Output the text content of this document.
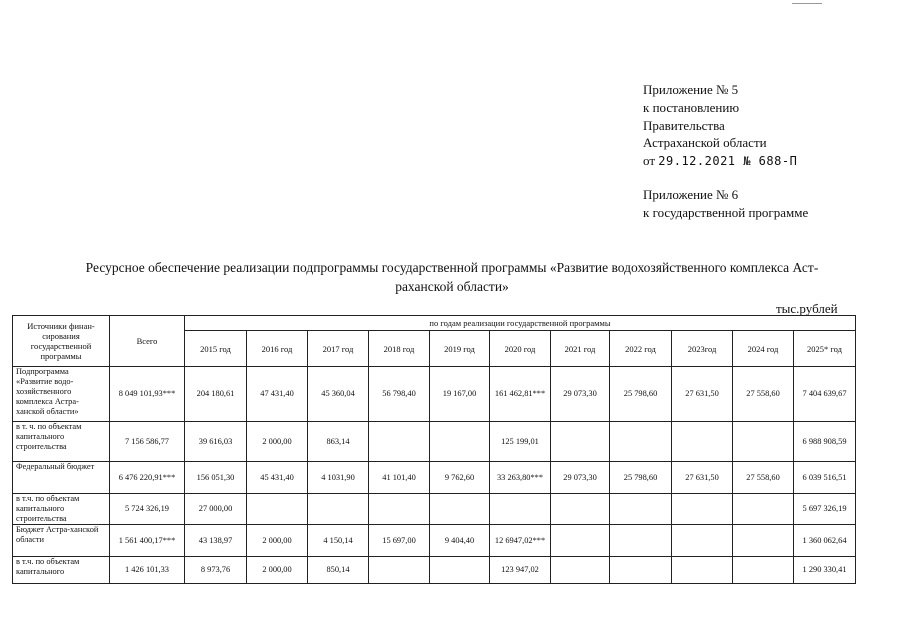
Приложение № 5
к постановлению
Правительства
Астраханской области
от 29.12.2021 № 688-П
Приложение № 6
к государственной программе
Ресурсное обеспечение реализации подпрограммы государственной программы «Развитие водохозяйственного комплекса Аст-
раханской области»
тыс.рублей
Источники финан-сирования государственной программы	Всего	по годам реализации государственной программы										
		2015 год	2016 год	2017 год	2018 год	2019 год	2020 год	2021 год	2022 год	2023год	2024 год	2025* год
Подпрограмма «Развитие водо-хозяйственного комплекса Астра-ханской области»	8 049 101,93***	204 180,61	47 431,40	45 360,04	56 798,40	19 167,00	161 462,81***	29 073,30	25 798,60	27 631,50	27 558,60	7 404 639,67
в т. ч. по объектам капитального строительства	7 156 586,77	39 616,03	2 000,00	863,14			125 199,01					6 988 908,59
Федеральный бюджет	6 476 220,91***	156 051,30	45 431,40	4 1031,90	41 101,40	9 762,60	33 263,80***	29 073,30	25 798,60	27 631,50	27 558,60	6 039 516,51
в т.ч. по объектам капитального строительства	5 724 326,19	27 000,00										5 697 326,19
Бюджет Астра-ханской области	1 561 400,17***	43 138,97	2 000,00	4 150,14	15 697,00	9 404,40	12 6947,02***					1 360 062,64
в т.ч. по объектам капитального	1 426 101,33	8 973,76	2 000,00	850,14			123 947,02					1 290 330,41
